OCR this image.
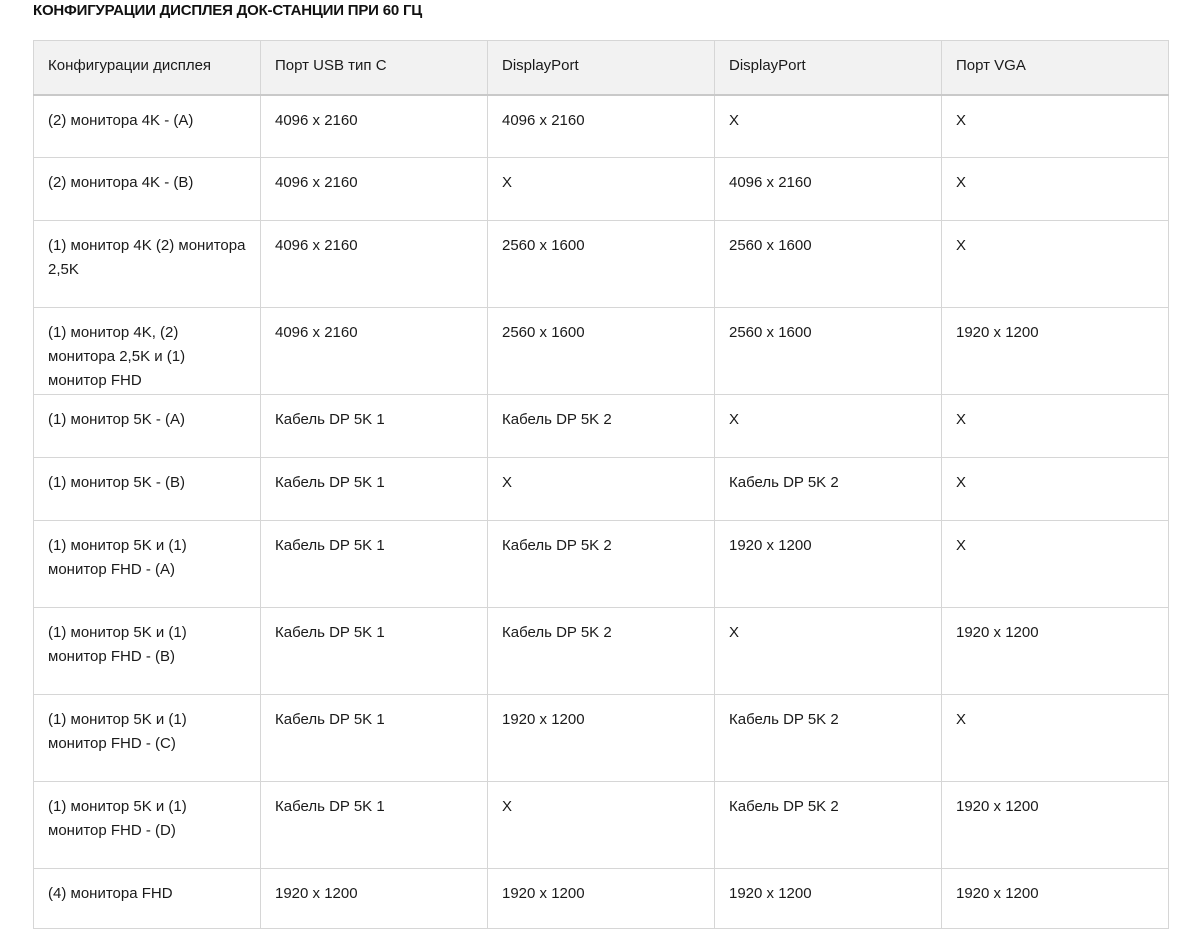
КОНФИГУРАЦИИ ДИСПЛЕЯ ДОК-СТАНЦИИ ПРИ 60 ГЦ
Конфигурации дисплея	Порт USB тип C	DisplayPort	DisplayPort	Порт VGA
(2) монитора 4K - (A)	4096 x 2160	4096 x 2160	X	X
(2) монитора 4K - (B)	4096 x 2160	X	4096 x 2160	X
(1) монитор 4K (2) монитора 2,5K	4096 x 2160	2560 x 1600	2560 x 1600	X
(1) монитор 4K, (2) монитора 2,5K и (1) монитор FHD	4096 x 2160	2560 x 1600	2560 x 1600	1920 x 1200
(1) монитор 5K - (A)	Кабель DP 5K 1	Кабель DP 5K 2	X	X
(1) монитор 5K - (B)	Кабель DP 5K 1	X	Кабель DP 5K 2	X
(1) монитор 5K и (1) монитор FHD - (A)	Кабель DP 5K 1	Кабель DP 5K 2	1920 x 1200	X
(1) монитор 5K и (1) монитор FHD - (B)	Кабель DP 5K 1	Кабель DP 5K 2	X	1920 x 1200
(1) монитор 5K и (1) монитор FHD - (C)	Кабель DP 5K 1	1920 x 1200	Кабель DP 5K 2	X
(1) монитор 5K и (1) монитор FHD - (D)	Кабель DP 5K 1	X	Кабель DP 5K 2	1920 x 1200
(4) монитора FHD	1920 x 1200	1920 x 1200	1920 x 1200	1920 x 1200
